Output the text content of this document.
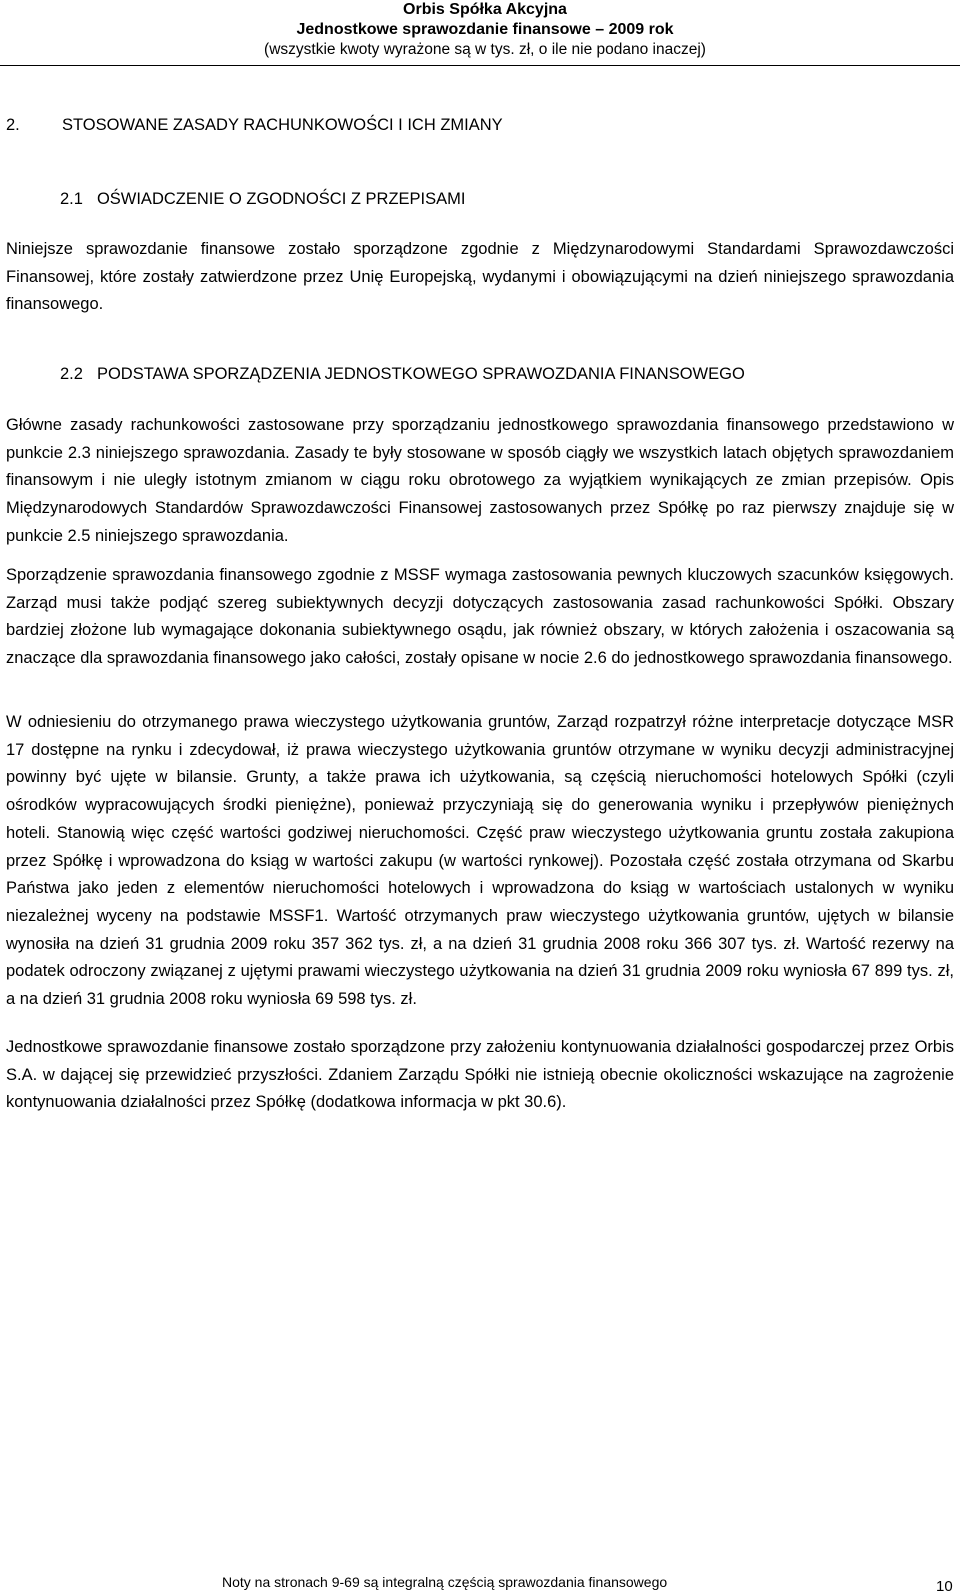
Orbis Spółka Akcyjna
Jednostkowe sprawozdanie finansowe – 2009 rok
(wszystkie kwoty wyrażone są w tys. zł, o ile nie podano inaczej)
2.	STOSOWANE ZASADY RACHUNKOWOŚCI I ICH ZMIANY
2.1 OŚWIADCZENIE O ZGODNOŚCI Z PRZEPISAMI

Niniejsze sprawozdanie finansowe zostało sporządzone zgodnie z Międzynarodowymi Standardami Sprawozdawczości Finansowej, które zostały zatwierdzone przez Unię Europejską, wydanymi i obowiązującymi na dzień niniejszego sprawozdania finansowego.

2.2 PODSTAWA SPORZĄDZENIA JEDNOSTKOWEGO SPRAWOZDANIA FINANSOWEGO

Główne zasady rachunkowości zastosowane przy sporządzaniu jednostkowego sprawozdania finansowego przedstawiono w punkcie 2.3 niniejszego sprawozdania. Zasady te były stosowane w sposób ciągły we wszystkich latach objętych sprawozdaniem finansowym i nie uległy istotnym zmianom w ciągu roku obrotowego za wyjątkiem wynikających ze zmian przepisów. Opis Międzynarodowych Standardów Sprawozdawczości Finansowej zastosowanych przez Spółkę po raz pierwszy znajduje się w punkcie 2.5 niniejszego sprawozdania.

Sporządzenie sprawozdania finansowego zgodnie z MSSF wymaga zastosowania pewnych kluczowych szacunków księgowych. Zarząd musi także podjąć szereg subiektywnych decyzji dotyczących zastosowania zasad rachunkowości Spółki. Obszary bardziej złożone lub wymagające dokonania subiektywnego osądu, jak również obszary, w których założenia i oszacowania są znaczące dla sprawozdania finansowego jako całości, zostały opisane w nocie 2.6 do jednostkowego sprawozdania finansowego.

W odniesieniu do otrzymanego prawa wieczystego użytkowania gruntów, Zarząd rozpatrzył różne interpretacje dotyczące MSR 17 dostępne na rynku i zdecydował, iż prawa wieczystego użytkowania gruntów otrzymane w wyniku decyzji administracyjnej powinny być ujęte w bilansie. Grunty, a także prawa ich użytkowania, są częścią nieruchomości hotelowych Spółki (czyli ośrodków wypracowujących środki pieniężne), ponieważ przyczyniają się do generowania wyniku i przepływów pieniężnych hoteli. Stanowią więc część wartości godziwej nieruchomości. Część praw wieczystego użytkowania gruntu została zakupiona przez Spółkę i wprowadzona do ksiąg w wartości zakupu (w wartości rynkowej). Pozostała część została otrzymana od Skarbu Państwa jako jeden z elementów nieruchomości hotelowych i wprowadzona do ksiąg w wartościach ustalonych w wyniku niezależnej wyceny na podstawie MSSF1. Wartość otrzymanych praw wieczystego użytkowania gruntów, ujętych w bilansie wynosiła na dzień 31 grudnia 2009 roku 357 362 tys. zł, a na dzień 31 grudnia 2008 roku 366 307 tys. zł. Wartość rezerwy na podatek odroczony związanej z ujętymi prawami wieczystego użytkowania na dzień 31 grudnia 2009 roku wyniosła 67 899 tys. zł, a na dzień 31 grudnia 2008 roku wyniosła 69 598 tys. zł.

Jednostkowe sprawozdanie finansowe zostało sporządzone przy założeniu kontynuowania działalności gospodarczej przez Orbis S.A. w dającej się przewidzieć przyszłości. Zdaniem Zarządu Spółki nie istnieją obecnie okoliczności wskazujące na zagrożenie kontynuowania działalności przez Spółkę (dodatkowa informacja w pkt 30.6).

Noty na stronach 9-69 są integralną częścią sprawozdania finansowego	10
